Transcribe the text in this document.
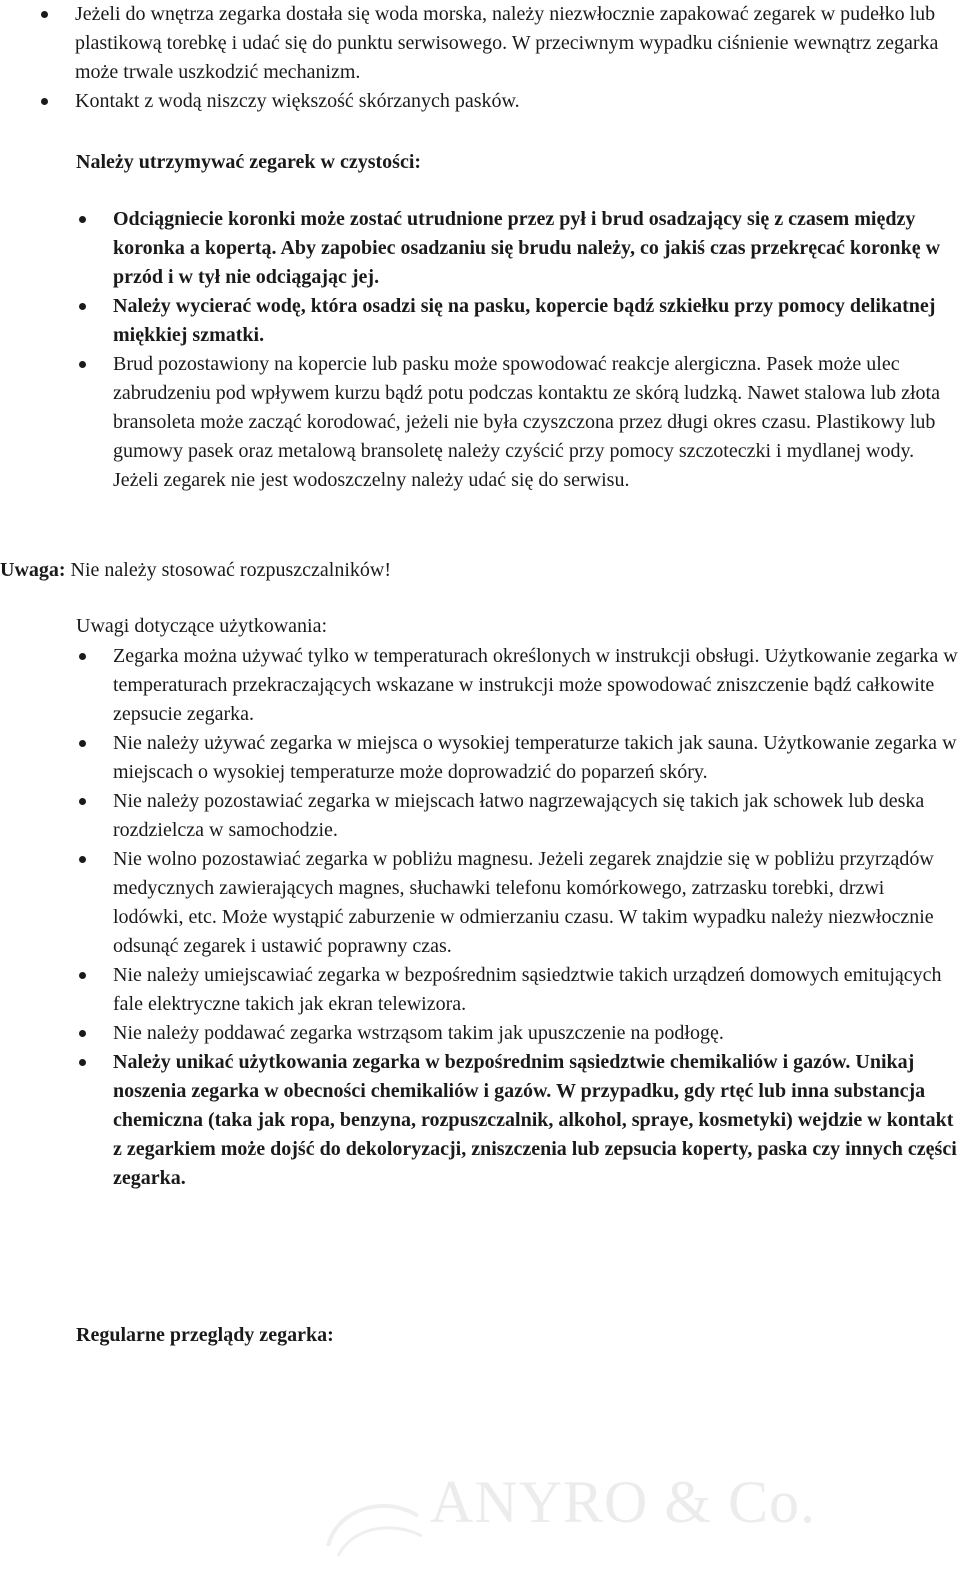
Jeżeli do wnętrza zegarka dostała się woda morska, należy niezwłocznie zapakować zegarek w pudełko lub plastikową torebkę i udać się do punktu serwisowego. W przeciwnym wypadku ciśnienie wewnątrz zegarka może trwale uszkodzić mechanizm.
Kontakt z wodą niszczy większość skórzanych pasków.

Należy utrzymywać zegarek w czystości:

Odciągniecie koronki może zostać utrudnione przez pył i brud osadzający się z czasem między koronka a kopertą. Aby zapobiec osadzaniu się brudu należy, co jakiś czas przekręcać koronkę w przód i w tył nie odciągając jej.
Należy wycierać wodę, która osadzi się na pasku, kopercie bądź szkiełku przy pomocy delikatnej miękkiej szmatki.
Brud pozostawiony na kopercie lub pasku może spowodować reakcje alergiczna. Pasek może ulec zabrudzeniu pod wpływem kurzu bądź potu podczas kontaktu ze skórą ludzką. Nawet stalowa lub złota bransoleta może zacząć korodować, jeżeli nie była czyszczona przez długi okres czasu. Plastikowy lub gumowy pasek oraz metalową bransoletę należy czyścić przy pomocy szczoteczki i mydlanej wody. Jeżeli zegarek nie jest wodoszczelny należy udać się do serwisu.

Uwaga: Nie należy stosować rozpuszczalników!

Uwagi dotyczące użytkowania:

Zegarka można używać tylko w temperaturach określonych w instrukcji obsługi. Użytkowanie zegarka w temperaturach przekraczających wskazane w instrukcji może spowodować zniszczenie bądź całkowite zepsucie zegarka.
Nie należy używać zegarka w miejsca o wysokiej temperaturze takich jak sauna. Użytkowanie zegarka w miejscach o wysokiej temperaturze może doprowadzić do poparzeń skóry.
Nie należy pozostawiać zegarka w miejscach łatwo nagrzewających się takich jak schowek lub deska rozdzielcza w samochodzie.
Nie wolno pozostawiać zegarka w pobliżu magnesu. Jeżeli zegarek znajdzie się w pobliżu przyrządów medycznych zawierających magnes, słuchawki telefonu komórkowego, zatrzasku torebki, drzwi lodówki, etc. Może wystąpić zaburzenie w odmierzaniu czasu. W takim wypadku należy niezwłocznie odsunąć zegarek i ustawić poprawny czas.
Nie należy umiejscawiać zegarka w bezpośrednim sąsiedztwie takich urządzeń domowych emitujących fale elektryczne takich jak ekran telewizora.
Nie należy poddawać zegarka wstrząsom takim jak upuszczenie na podłogę.
Należy unikać użytkowania zegarka w bezpośrednim sąsiedztwie chemikaliów i gazów. Unikaj noszenia zegarka w obecności chemikaliów i gazów. W przypadku, gdy rtęć lub inna substancja chemiczna (taka jak ropa, benzyna, rozpuszczalnik, alkohol, spraye, kosmetyki) wejdzie w kontakt z zegarkiem może dojść do dekoloryzacji, zniszczenia lub zepsucia koperty, paska czy innych części zegarka.

Regularne przeglądy zegarka:

ANYRO & Co.
